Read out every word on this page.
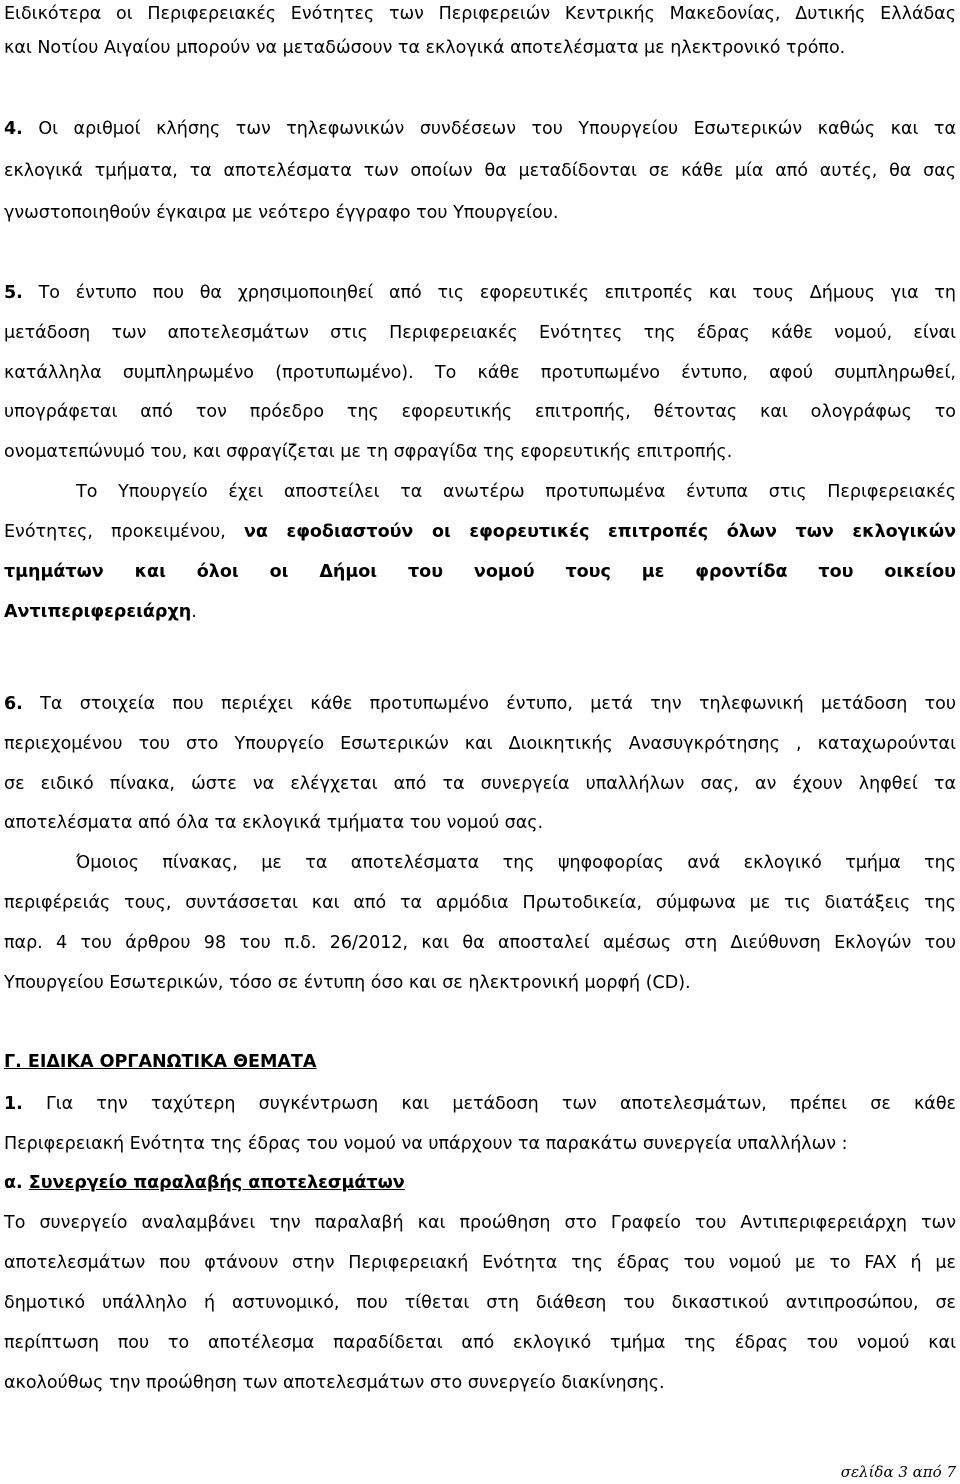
Ειδικότερα οι Περιφερειακές Ενότητες των Περιφερειών Κεντρικής Μακεδονίας, Δυτικής Ελλάδας

και Νοτίου Αιγαίου μπορούν να μεταδώσουν τα εκλογικά αποτελέσματα με ηλεκτρονικό τρόπο.

4. Οι αριθμοί κλήσης των τηλεφωνικών συνδέσεων του Υπουργείου Εσωτερικών καθώς και τα

εκλογικά τμήματα, τα αποτελέσματα των οποίων θα μεταδίδονται σε κάθε μία από αυτές, θα σας

γνωστοποιηθούν έγκαιρα με νεότερο έγγραφο του Υπουργείου.

5. Το έντυπο που θα χρησιμοποιηθεί από τις εφορευτικές επιτροπές και τους Δήμους για τη

μετάδοση των αποτελεσμάτων στις Περιφερειακές Ενότητες της έδρας κάθε νομού, είναι

κατάλληλα συμπληρωμένο (προτυπωμένο). Το κάθε προτυπωμένο έντυπο, αφού συμπληρωθεί,

υπογράφεται από τον πρόεδρο της εφορευτικής επιτροπής, θέτοντας και ολογράφως το

ονοματεπώνυμό του, και σφραγίζεται με τη σφραγίδα της εφορευτικής επιτροπής.

Το Υπουργείο έχει αποστείλει τα ανωτέρω προτυπωμένα έντυπα στις Περιφερειακές

Ενότητες, προκειμένου, να εφοδιαστούν οι εφορευτικές επιτροπές όλων των εκλογικών

τμημάτων και όλοι οι Δήμοι του νομού τους με φροντίδα του οικείου

Αντιπεριφερειάρχη.

6. Τα στοιχεία που περιέχει κάθε προτυπωμένο έντυπο, μετά την τηλεφωνική μετάδοση του

περιεχομένου του στο Υπουργείο Εσωτερικών και Διοικητικής Ανασυγκρότησης , καταχωρούνται

σε ειδικό πίνακα, ώστε να ελέγχεται από τα συνεργεία υπαλλήλων σας, αν έχουν ληφθεί τα

αποτελέσματα από όλα τα εκλογικά τμήματα του νομού σας.

Όμοιος πίνακας, με τα αποτελέσματα της ψηφοφορίας ανά εκλογικό τμήμα της

περιφέρειάς τους, συντάσσεται και από τα αρμόδια Πρωτοδικεία, σύμφωνα με τις διατάξεις της

παρ. 4 του άρθρου 98 του π.δ. 26/2012, και θα αποσταλεί αμέσως στη Διεύθυνση Εκλογών του

Υπουργείου Εσωτερικών, τόσο σε έντυπη όσο και σε ηλεκτρονική μορφή (CD).

Γ. ΕΙΔΙΚΑ ΟΡΓΑΝΩΤΙΚΑ ΘΕΜΑΤΑ

1. Για την ταχύτερη συγκέντρωση και μετάδοση των αποτελεσμάτων, πρέπει σε κάθε

Περιφερειακή Ενότητα της έδρας του νομού να υπάρχουν τα παρακάτω συνεργεία υπαλλήλων :

α. Συνεργείο παραλαβής αποτελεσμάτων

Το συνεργείο αναλαμβάνει την παραλαβή και προώθηση στο Γραφείο του Αντιπεριφερειάρχη των

αποτελεσμάτων που φτάνουν στην Περιφερειακή Ενότητα της έδρας του νομού με το FAX ή με

δημοτικό υπάλληλο ή αστυνομικό, που τίθεται στη διάθεση του δικαστικού αντιπροσώπου, σε

περίπτωση που το αποτέλεσμα παραδίδεται από εκλογικό τμήμα της έδρας του νομού και

ακολούθως την προώθηση των αποτελεσμάτων στο συνεργείο διακίνησης.

σελίδα 3 από 7
